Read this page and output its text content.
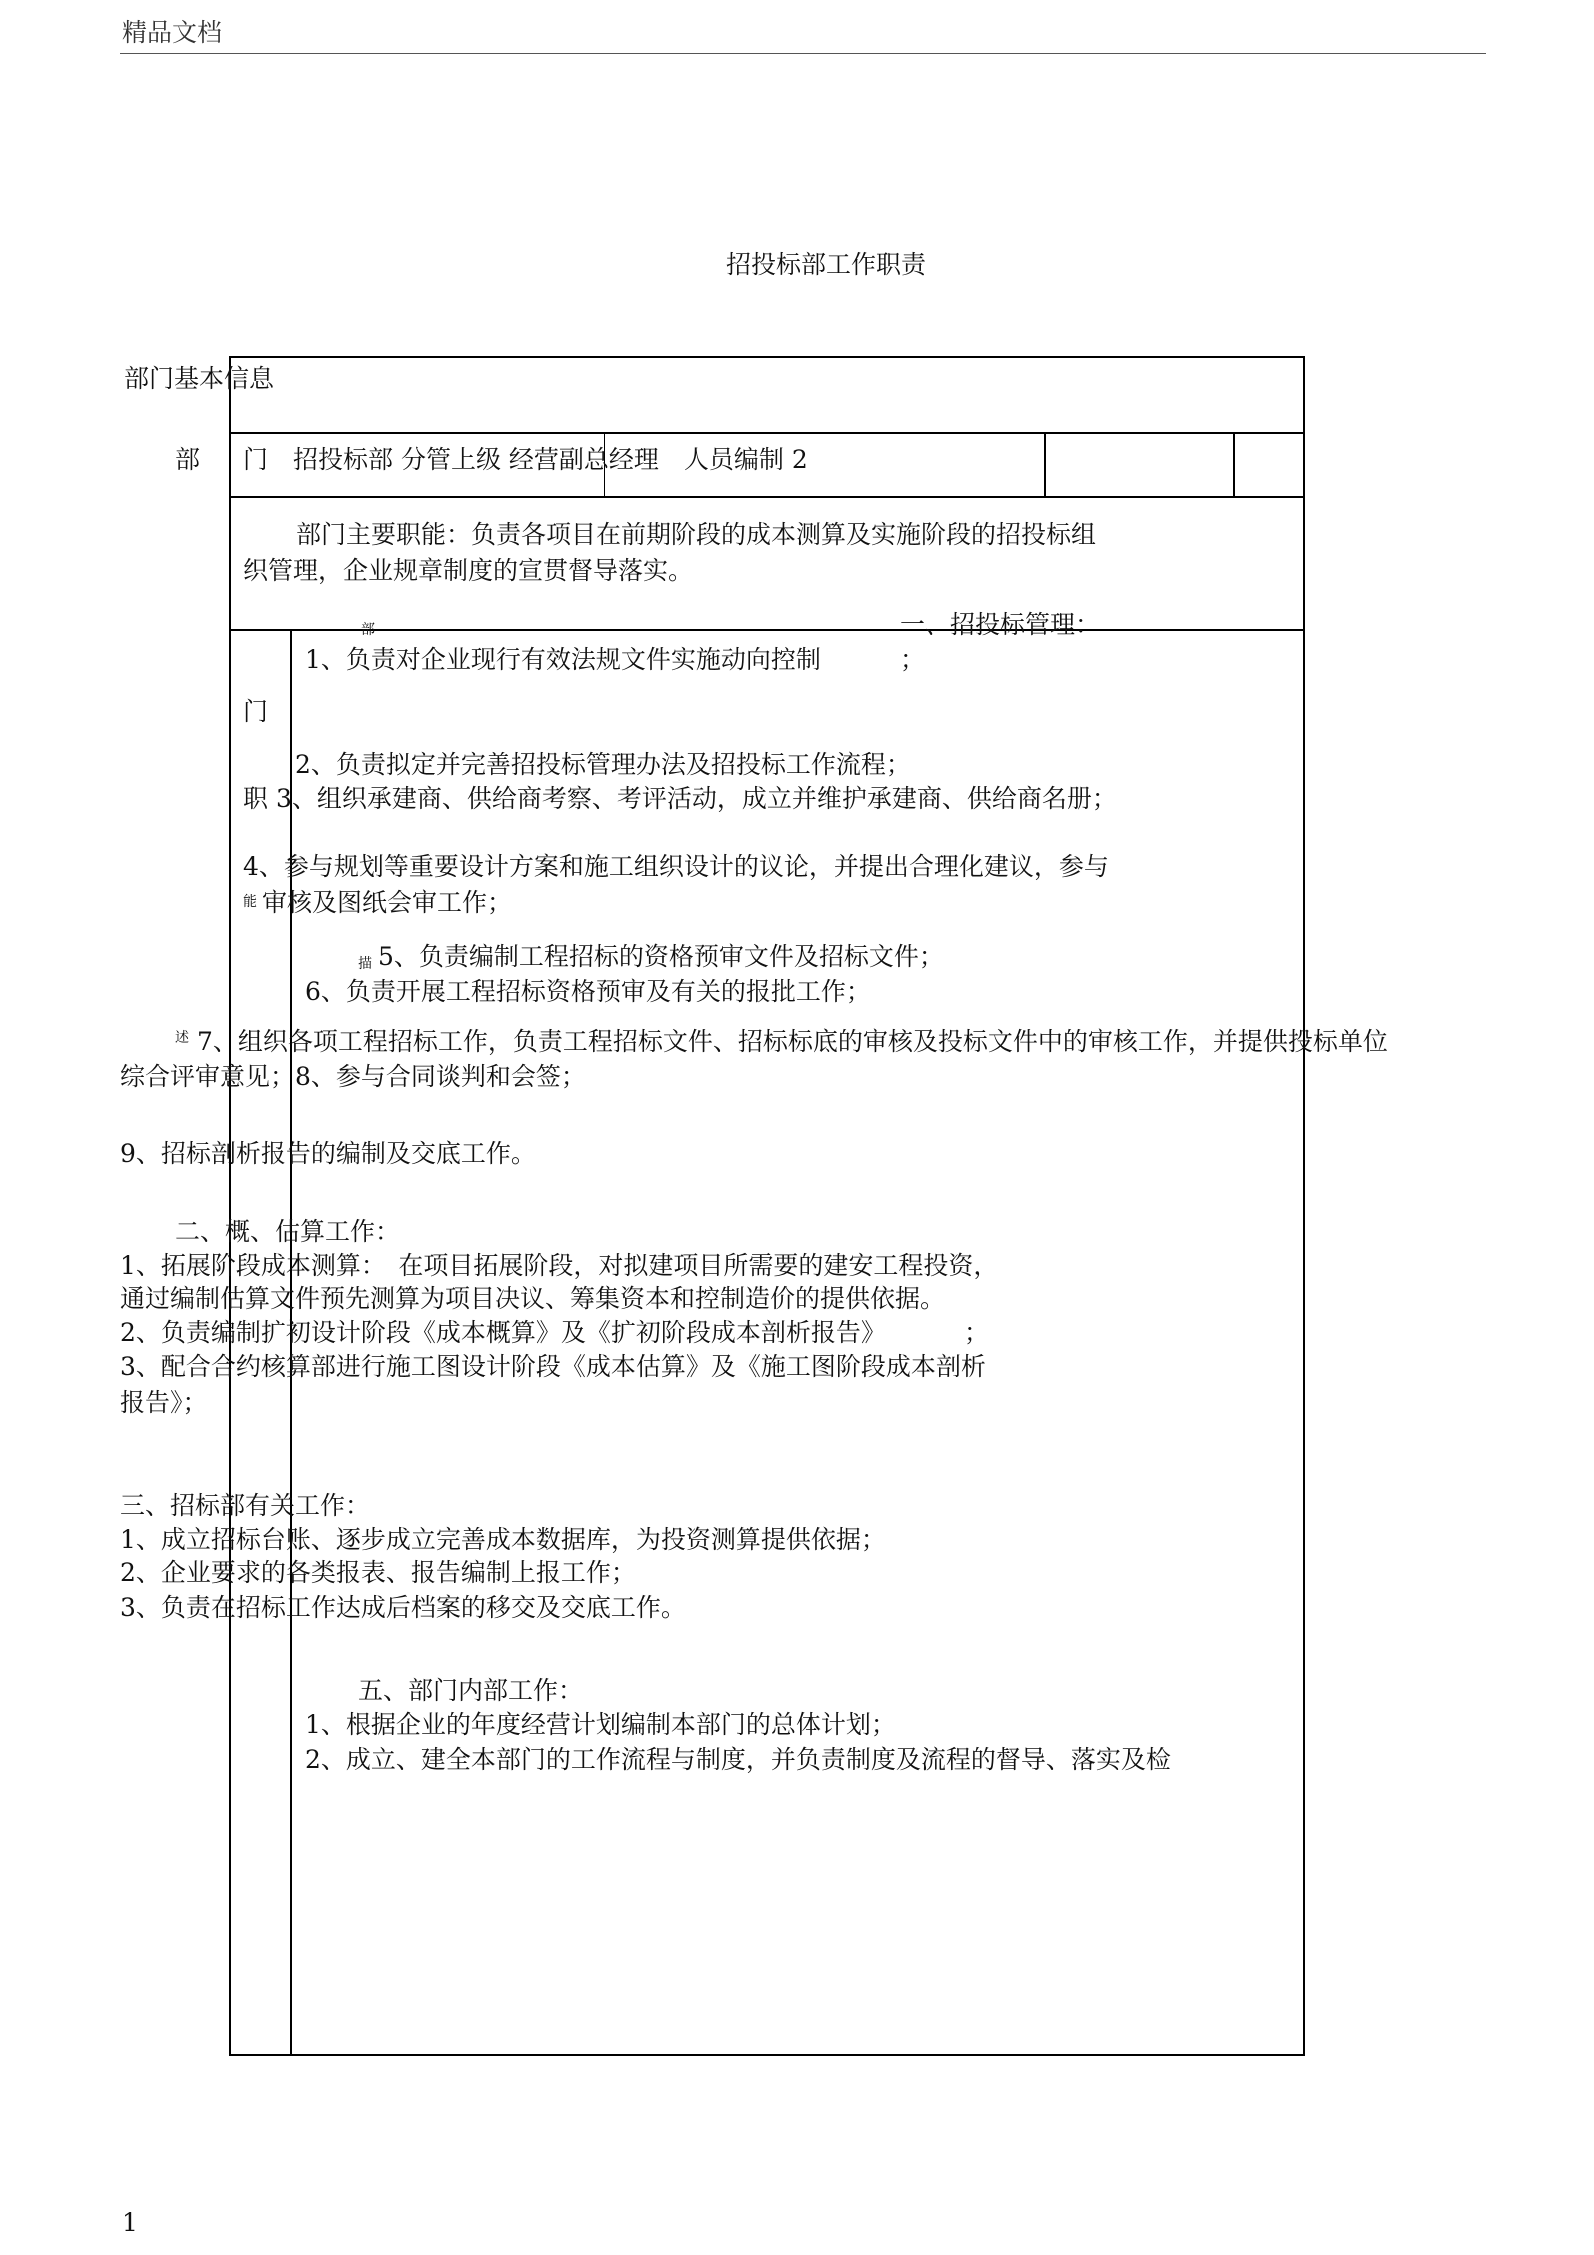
精品文档
招投标部工作职责
部门基本信息
部 门　招投标部 分管上级 经营副总经理　人员编制 2
部门主要职能：负责各项目在前期阶段的成本测算及实施阶段的招投标组
织管理，企业规章制度的宣贯督导落实。
一、招投标管理：
部
1、负责对企业现行有效法规文件实施动向控制	；
门
2、负责拟定并完善招投标管理办法及招投标工作流程；
职 3、组织承建商、供给商考察、考评活动，成立并维护承建商、供给商名册；
4、参与规划等重要设计方案和施工组织设计的议论，并提出合理化建议，参与
能 审核及图纸会审工作；
描 5、负责编制工程招标的资格预审文件及招标文件；
6、负责开展工程招标资格预审及有关的报批工作；
述 7、组织各项工程招标工作，负责工程招标文件、招标标底的审核及投标文件中的审核工作，并提供投标单位
综合评审意见；8、参与合同谈判和会签；
9、招标剖析报告的编制及交底工作。
二、概、估算工作：
1、拓展阶段成本测算：　在项目拓展阶段，对拟建项目所需要的建安工程投资，
通过编制估算文件预先测算为项目决议、筹集资本和控制造价的提供依据。
2、负责编制扩初设计阶段《成本概算》及《扩初阶段成本剖析报告》	；
3、配合合约核算部进行施工图设计阶段《成本估算》及《施工图阶段成本剖析
报告》；
三、招标部有关工作：
1、成立招标台账、逐步成立完善成本数据库，为投资测算提供依据；
2、企业要求的各类报表、报告编制上报工作；
3、负责在招标工作达成后档案的移交及交底工作。
五、部门内部工作：
1、根据企业的年度经营计划编制本部门的总体计划；
2、成立、建全本部门的工作流程与制度，并负责制度及流程的督导、落实及检
1
